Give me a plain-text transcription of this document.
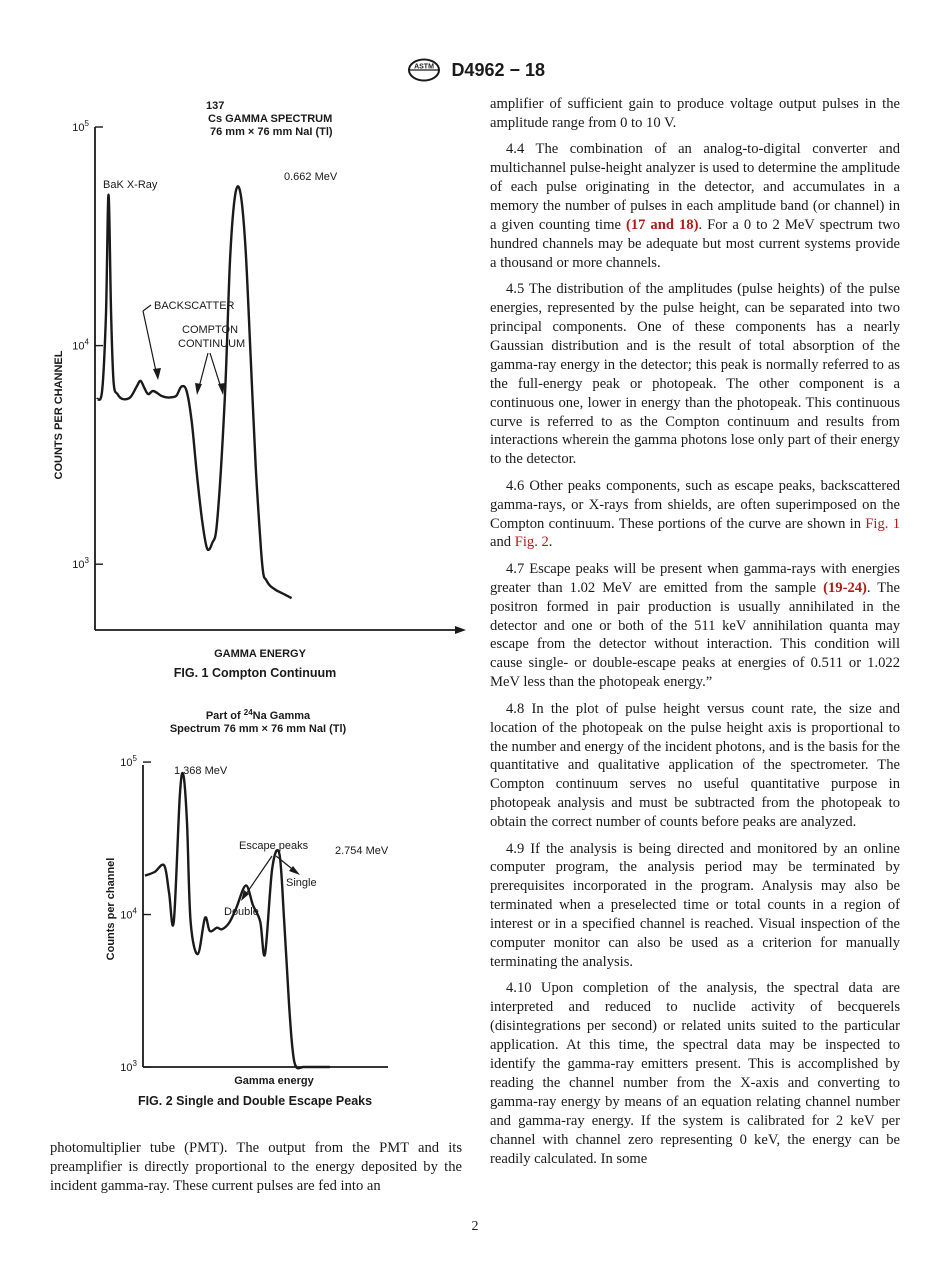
ASTM D4962 − 18
137
Cs GAMMA SPECTRUM
76 mm × 76 mm NaI (Tl)
$10^3$
$10^4$
$10^5$
COUNTS PER CHANNEL
GAMMA ENERGY
BaK X-Ray
0.662 MeV
BACKSCATTER
COMPTON
CONTINUUM
FIG. 1 Compton Continuum
Part of $^{24}$Na Gamma
Spectrum 76 mm × 76 mm NaI (Tl)
$10^3$
$10^4$
$10^5$
Counts per channel
Gamma energy
1.368 MeV
Escape peaks
Single
Double
2.754 MeV
FIG. 2 Single and Double Escape Peaks

amplifier of sufficient gain to produce voltage output pulses in the amplitude range from 0 to 10 V.

4.4 The combination of an analog-to-digital converter and multichannel pulse-height analyzer is used to determine the amplitude of each pulse originating in the detector, and accumulates in a memory the number of pulses in each amplitude band (or channel) in a given counting time (17 and 18). For a 0 to 2 MeV spectrum two hundred channels may be adequate but most current systems provide a thousand or more channels.

4.5 The distribution of the amplitudes (pulse heights) of the pulse energies, represented by the pulse height, can be separated into two principal components. One of these components has a nearly Gaussian distribution and is the result of total absorption of the gamma-ray energy in the detector; this peak is normally referred to as the full-energy peak or photopeak. The other component is a continuous one, lower in energy than the photopeak. This continuous curve is referred to as the Compton continuum and results from interactions wherein the gamma photons lose only part of their energy to the detector.

4.6 Other peaks components, such as escape peaks, backscattered gamma-rays, or X-rays from shields, are often superimposed on the Compton continuum. These portions of the curve are shown in Fig. 1 and Fig. 2.

4.7 Escape peaks will be present when gamma-rays with energies greater than 1.02 MeV are emitted from the sample (19-24). The positron formed in pair production is usually annihilated in the detector and one or both of the 511 keV annihilation quanta may escape from the detector without interaction. This condition will cause single- or double-escape peaks at energies of 0.511 or 1.022 MeV less than the photopeak energy.”

4.8 In the plot of pulse height versus count rate, the size and location of the photopeak on the pulse height axis is proportional to the number and energy of the incident photons, and is the basis for the quantitative and qualitative application of the spectrometer. The Compton continuum serves no useful quantitative purpose in photopeak analysis and must be subtracted from the photopeak to obtain the correct number of counts before peaks are analyzed.

4.9 If the analysis is being directed and monitored by an online computer program, the analysis period may be terminated by prerequisites incorporated in the program. Analysis may also be terminated when a preselected time or total counts in a region of interest or in a specified channel is reached. Visual inspection of the computer monitor can also be used as a criterion for manually terminating the analysis.

4.10 Upon completion of the analysis, the spectral data are interpreted and reduced to nuclide activity of becquerels (disintegrations per second) or related units suited to the particular application. At this time, the spectral data may be inspected to identify the gamma-ray emitters present. This is accomplished by reading the channel number from the X-axis and converting to gamma-ray energy by means of an equation relating channel number and gamma-ray energy. If the system is calibrated for 2 keV per channel with channel zero representing 0 keV, the energy can be readily calculated. In some

photomultiplier tube (PMT). The output from the PMT and its preamplifier is directly proportional to the energy deposited by the incident gamma-ray. These current pulses are fed into an

2
